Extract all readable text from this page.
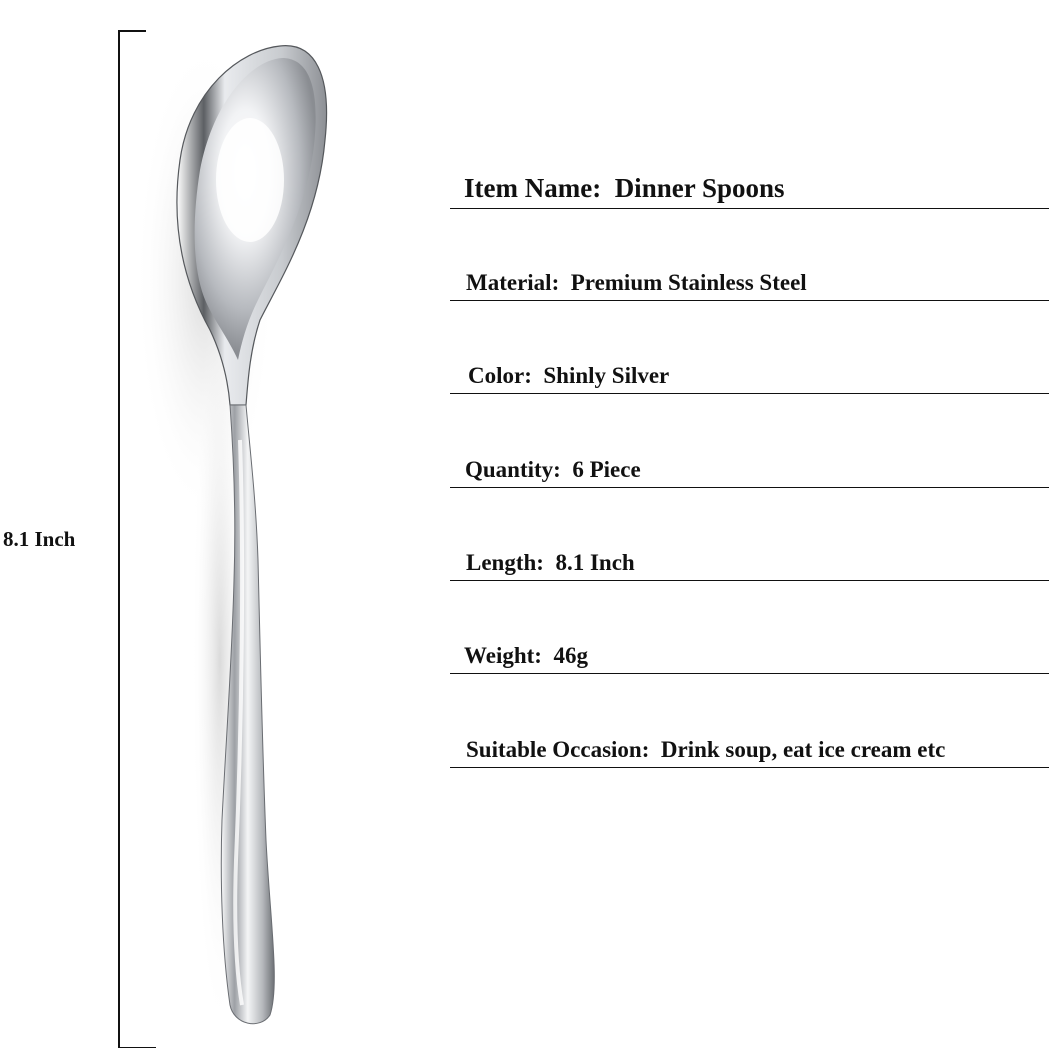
8.1 Inch
Item Name:  Dinner Spoons
Material:  Premium Stainless Steel
Color:  Shinly Silver
Quantity:  6 Piece
Length:  8.1 Inch
Weight:  46g
Suitable Occasion:  Drink soup, eat ice cream etc
